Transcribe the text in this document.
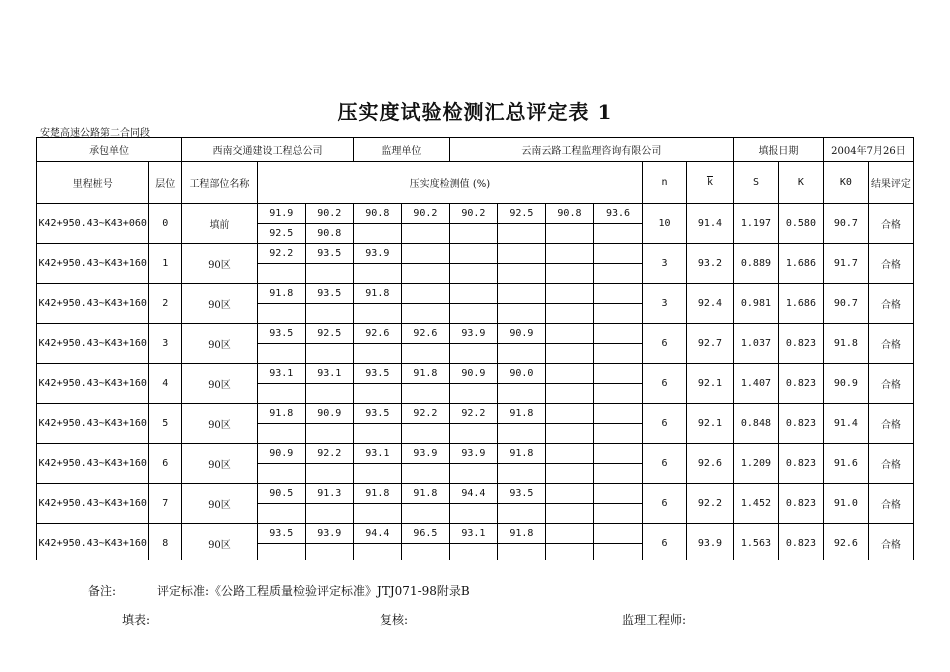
压实度试验检测汇总评定表 1
安楚高速公路第二合同段
承包单位		西南交通建设工程总公司			监理单位		云南云路工程监理咨询有限公司						填报日期		2004年7月26日	
里程桩号	层位	工程部位名称	压实度检测值 (%)								n	$\overline{k}$	S	K	K0	结果评定
K42+950.43~K43+060	0	填前	91.9	90.2	90.8	90.2	90.2	92.5	90.8	93.6	10	91.4	1.197	0.580	90.7	合格
			92.5	90.8												
K42+950.43~K43+160	1	90区	92.2	93.5	93.9						3	93.2	0.889	1.686	91.7	合格

K42+950.43~K43+160	2	90区	91.8	93.5	91.8						3	92.4	0.981	1.686	90.7	合格

K42+950.43~K43+160	3	90区	93.5	92.5	92.6	92.6	93.9	90.9			6	92.7	1.037	0.823	91.8	合格

K42+950.43~K43+160	4	90区	93.1	93.1	93.5	91.8	90.9	90.0			6	92.1	1.407	0.823	90.9	合格

K42+950.43~K43+160	5	90区	91.8	90.9	93.5	92.2	92.2	91.8			6	92.1	0.848	0.823	91.4	合格

K42+950.43~K43+160	6	90区	90.9	92.2	93.1	93.9	93.9	91.8			6	92.6	1.209	0.823	91.6	合格

K42+950.43~K43+160	7	90区	90.5	91.3	91.8	91.8	94.4	93.5			6	92.2	1.452	0.823	91.0	合格

K42+950.43~K43+160	8	90区	93.5	93.9	94.4	96.5	93.1	91.8			6	93.9	1.563	0.823	92.6	合格

备注:	评定标准:《公路工程质量检验评定标准》JTJ071-98附录B
填表:	复核:	监理工程师:
